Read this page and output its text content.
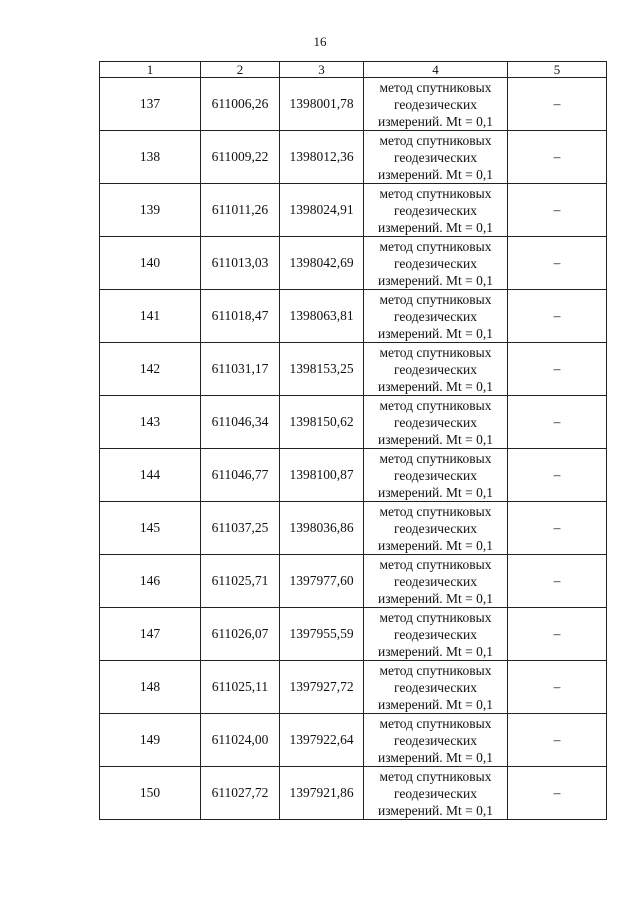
16
1	2	3	4	5
137	611006,26	1398001,78	метод спутниковых
геодезических
измерений. Mt = 0,1	–
138	611009,22	1398012,36	метод спутниковых
геодезических
измерений. Mt = 0,1	–
139	611011,26	1398024,91	метод спутниковых
геодезических
измерений. Mt = 0,1	–
140	611013,03	1398042,69	метод спутниковых
геодезических
измерений. Mt = 0,1	–
141	611018,47	1398063,81	метод спутниковых
геодезических
измерений. Mt = 0,1	–
142	611031,17	1398153,25	метод спутниковых
геодезических
измерений. Mt = 0,1	–
143	611046,34	1398150,62	метод спутниковых
геодезических
измерений. Mt = 0,1	–
144	611046,77	1398100,87	метод спутниковых
геодезических
измерений. Mt = 0,1	–
145	611037,25	1398036,86	метод спутниковых
геодезических
измерений. Mt = 0,1	–
146	611025,71	1397977,60	метод спутниковых
геодезических
измерений. Mt = 0,1	–
147	611026,07	1397955,59	метод спутниковых
геодезических
измерений. Mt = 0,1	–
148	611025,11	1397927,72	метод спутниковых
геодезических
измерений. Mt = 0,1	–
149	611024,00	1397922,64	метод спутниковых
геодезических
измерений. Mt = 0,1	–
150	611027,72	1397921,86	метод спутниковых
геодезических
измерений. Mt = 0,1	–
